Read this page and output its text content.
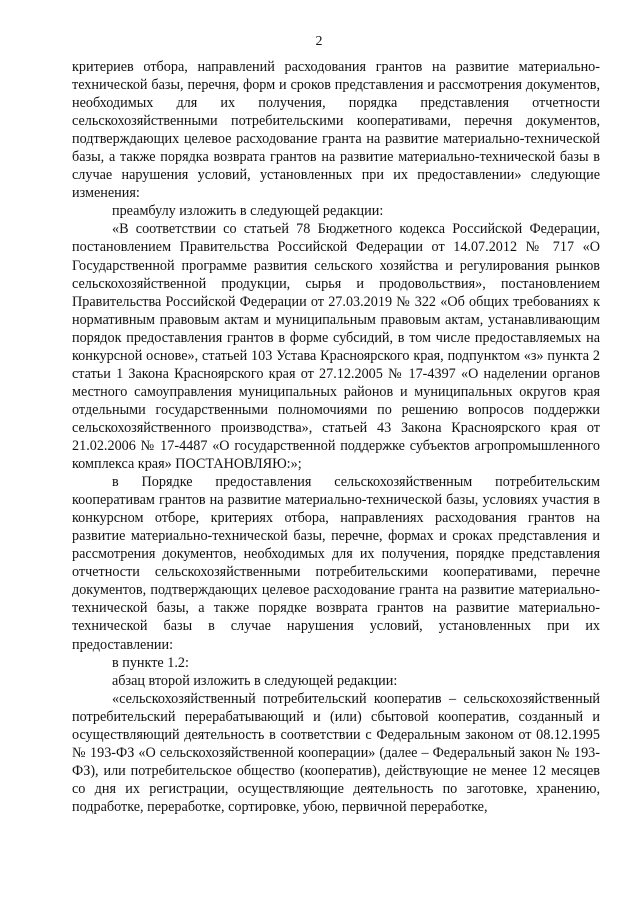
2

критериев отбора, направлений расходования грантов на развитие материально-технической базы, перечня, форм и сроков представления и рассмотрения документов, необходимых для их получения, порядка представления отчетности сельскохозяйственными потребительскими кооперативами, перечня документов, подтверждающих целевое расходование гранта на развитие материально-технической базы, а также порядка возврата грантов на развитие материально-технической базы в случае нарушения условий, установленных при их предоставлении» следующие изменения:

преамбулу изложить в следующей редакции:

«В соответствии со статьей 78 Бюджетного кодекса Российской Федерации, постановлением Правительства Российской Федерации от 14.07.2012 № 717 «О Государственной программе развития сельского хозяйства и регулирования рынков сельскохозяйственной продукции, сырья и продовольствия», постановлением Правительства Российской Федерации от 27.03.2019 № 322 «Об общих требованиях к нормативным правовым актам и муниципальным правовым актам, устанавливающим порядок предоставления грантов в форме субсидий, в том числе предоставляемых на конкурсной основе», статьей 103 Устава Красноярского края, подпунктом «з» пункта 2 статьи 1 Закона Красноярского края от 27.12.2005 № 17-4397 «О наделении органов местного самоуправления муниципальных районов и муниципальных округов края отдельными государственными полномочиями по решению вопросов поддержки сельскохозяйственного производства», статьей 43 Закона Красноярского края от 21.02.2006 № 17-4487 «О государственной поддержке субъектов агропромышленного комплекса края» ПОСТАНОВЛЯЮ:»;

в Порядке предоставления сельскохозяйственным потребительским кооперативам грантов на развитие материально-технической базы, условиях участия в конкурсном отборе, критериях отбора, направлениях расходования грантов на развитие материально-технической базы, перечне, формах и сроках представления и рассмотрения документов, необходимых для их получения, порядке представления отчетности сельскохозяйственными потребительскими кооперативами, перечне документов, подтверждающих целевое расходование гранта на развитие материально-технической базы, а также порядке возврата грантов на развитие материально-технической базы в случае нарушения условий, установленных при их предоставлении:

в пункте 1.2:

абзац второй изложить в следующей редакции:

«сельскохозяйственный потребительский кооператив – сельскохозяйственный потребительский перерабатывающий и (или) сбытовой кооператив, созданный и осуществляющий деятельность в соответствии с Федеральным законом от 08.12.1995 № 193-ФЗ «О сельскохозяйственной кооперации» (далее – Федеральный закон № 193-ФЗ), или потребительское общество (кооператив), действующие не менее 12 месяцев со дня их регистрации, осуществляющие деятельность по заготовке, хранению, подработке, переработке, сортировке, убою, первичной переработке,
